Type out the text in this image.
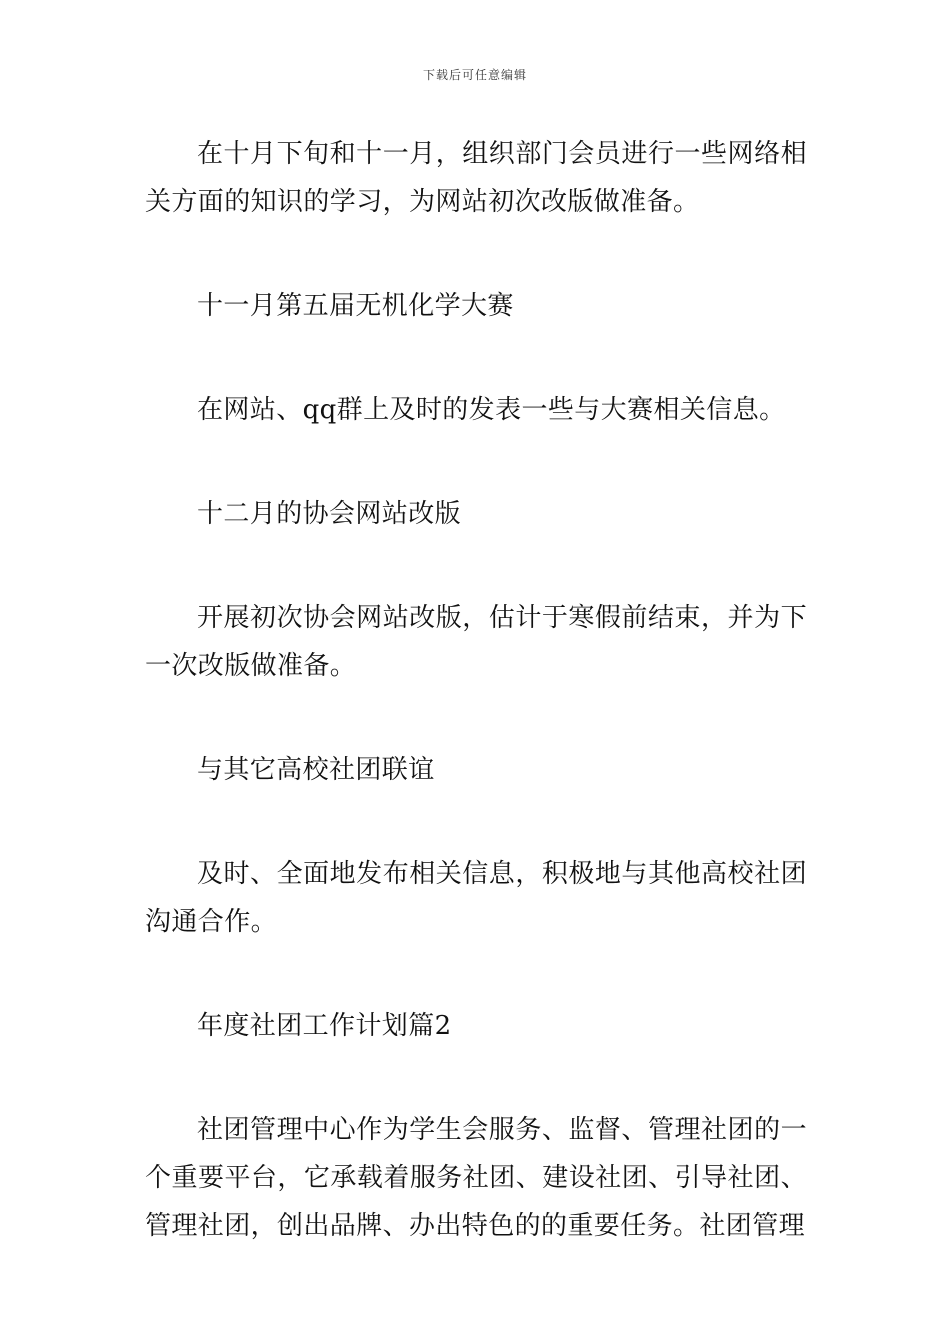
下载后可任意编辑

在十月下旬和十一月，组织部门会员进行一些网络相关方面的知识的学习，为网站初次改版做准备。

十一月第五届无机化学大赛

在网站、qq群上及时的发表一些与大赛相关信息。

十二月的协会网站改版

开展初次协会网站改版，估计于寒假前结束，并为下一次改版做准备。

与其它高校社团联谊

及时、全面地发布相关信息，积极地与其他高校社团沟通合作。

年度社团工作计划篇2

社团管理中心作为学生会服务、监督、管理社团的一个重要平台，它承载着服务社团、建设社团、引导社团、管理社团，创出品牌、办出特色的的重要任务。社团管理
